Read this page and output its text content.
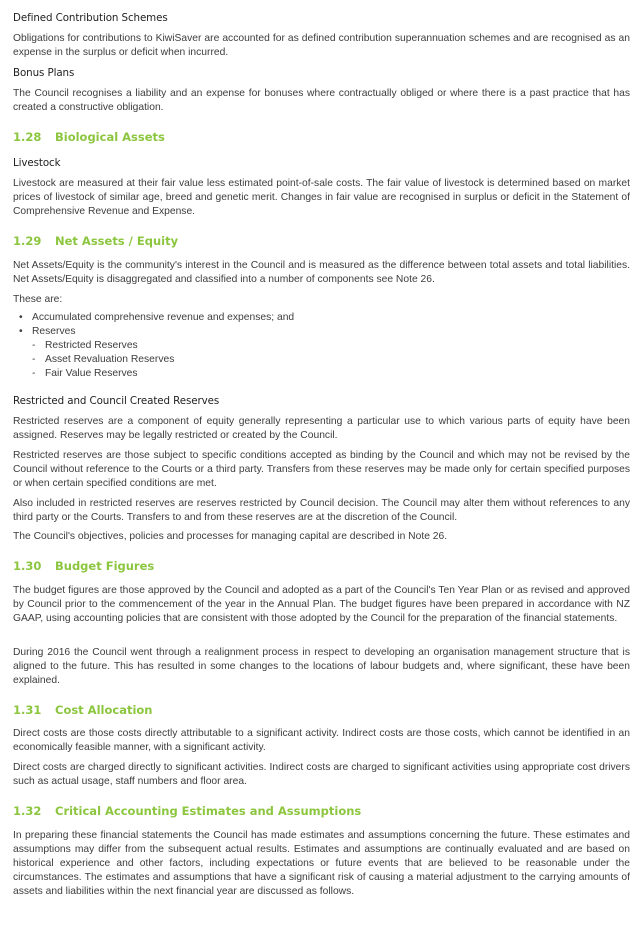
Defined Contribution Schemes

Obligations for contributions to KiwiSaver are accounted for as defined contribution superannuation schemes and are recognised as an expense in the surplus or deficit when incurred.

Bonus Plans

The Council recognises a liability and an expense for bonuses where contractually obliged or where there is a past practice that has created a constructive obligation.

1.28 Biological Assets
Livestock

Livestock are measured at their fair value less estimated point-of-sale costs. The fair value of livestock is determined based on market prices of livestock of similar age, breed and genetic merit. Changes in fair value are recognised in surplus or deficit in the Statement of Comprehensive Revenue and Expense.

1.29 Net Assets / Equity

Net Assets/Equity is the community's interest in the Council and is measured as the difference between total assets and total liabilities. Net Assets/Equity is disaggregated and classified into a number of components see Note 26.

These are:
• Accumulated comprehensive revenue and expenses; and
• Reserves
- Restricted Reserves
- Asset Revaluation Reserves
- Fair Value Reserves
Restricted and Council Created Reserves

Restricted reserves are a component of equity generally representing a particular use to which various parts of equity have been assigned. Reserves may be legally restricted or created by the Council.

Restricted reserves are those subject to specific conditions accepted as binding by the Council and which may not be revised by the Council without reference to the Courts or a third party. Transfers from these reserves may be made only for certain specified purposes or when certain specified conditions are met.

Also included in restricted reserves are reserves restricted by Council decision. The Council may alter them without references to any third party or the Courts. Transfers to and from these reserves are at the discretion of the Council.

The Council's objectives, policies and processes for managing capital are described in Note 26.

1.30 Budget Figures

The budget figures are those approved by the Council and adopted as a part of the Council's Ten Year Plan or as revised and approved by Council prior to the commencement of the year in the Annual Plan. The budget figures have been prepared in accordance with NZ GAAP, using accounting policies that are consistent with those adopted by the Council for the preparation of the financial statements.

During 2016 the Council went through a realignment process in respect to developing an organisation management structure that is aligned to the future. This has resulted in some changes to the locations of labour budgets and, where significant, these have been explained.

1.31 Cost Allocation

Direct costs are those costs directly attributable to a significant activity. Indirect costs are those costs, which cannot be identified in an economically feasible manner, with a significant activity.

Direct costs are charged directly to significant activities. Indirect costs are charged to significant activities using appropriate cost drivers such as actual usage, staff numbers and floor area.

1.32 Critical Accounting Estimates and Assumptions

In preparing these financial statements the Council has made estimates and assumptions concerning the future. These estimates and assumptions may differ from the subsequent actual results. Estimates and assumptions are continually evaluated and are based on historical experience and other factors, including expectations or future events that are believed to be reasonable under the circumstances. The estimates and assumptions that have a significant risk of causing a material adjustment to the carrying amounts of assets and liabilities within the next financial year are discussed as follows.
